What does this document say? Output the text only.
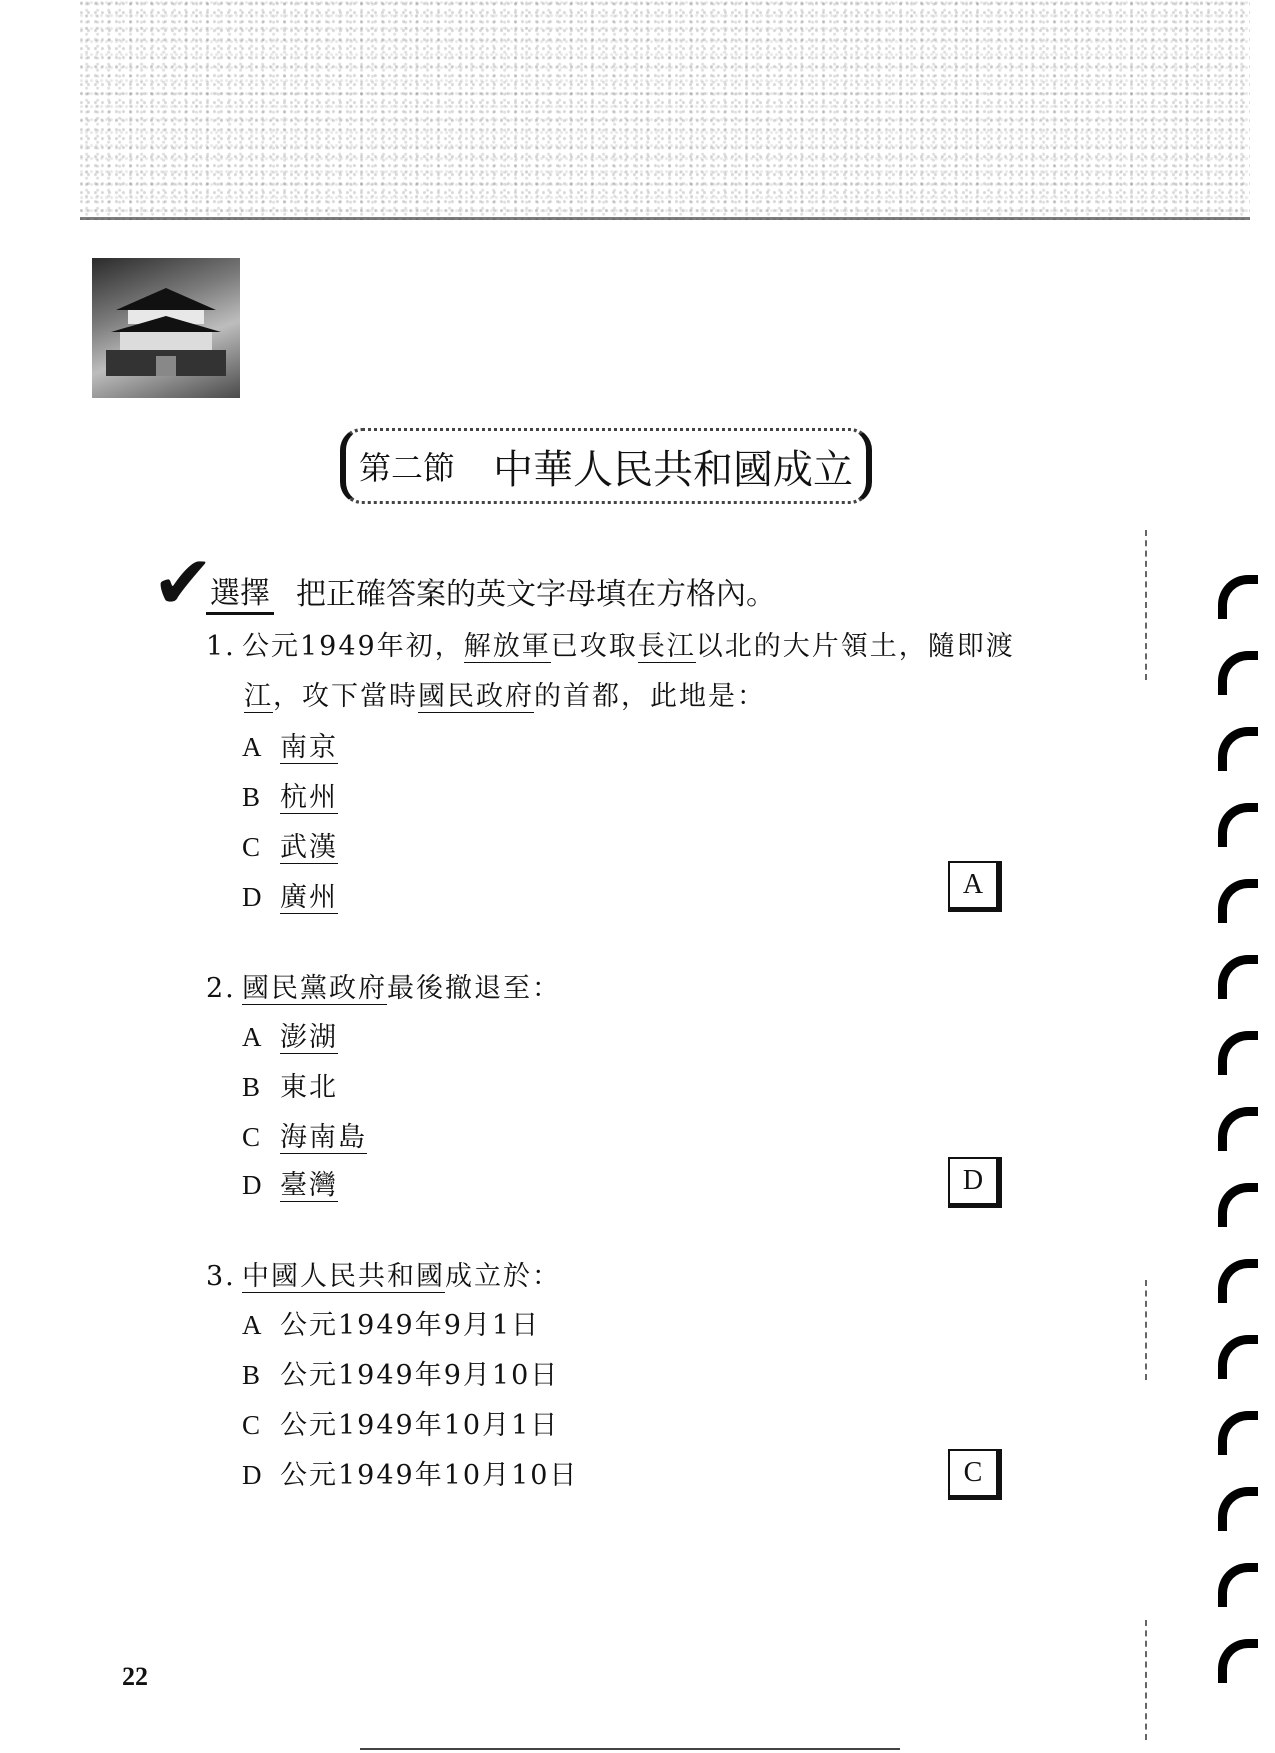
第二節 中華人民共和國成立
✔
選擇 把正確答案的英文字母填在方格內。
1. 公元1949年初，解放軍已攻取長江以北的大片領土，隨即渡
江，攻下當時國民政府的首都，此地是：
A 南京
B 杭州
C 武漢
D 廣州	A
2. 國民黨政府最後撤退至：
A 澎湖
B 東北
C 海南島
D 臺灣	D
3. 中國人民共和國成立於：
A 公元1949年9月1日
B 公元1949年9月10日
C 公元1949年10月1日
D 公元1949年10月10日	C
22
